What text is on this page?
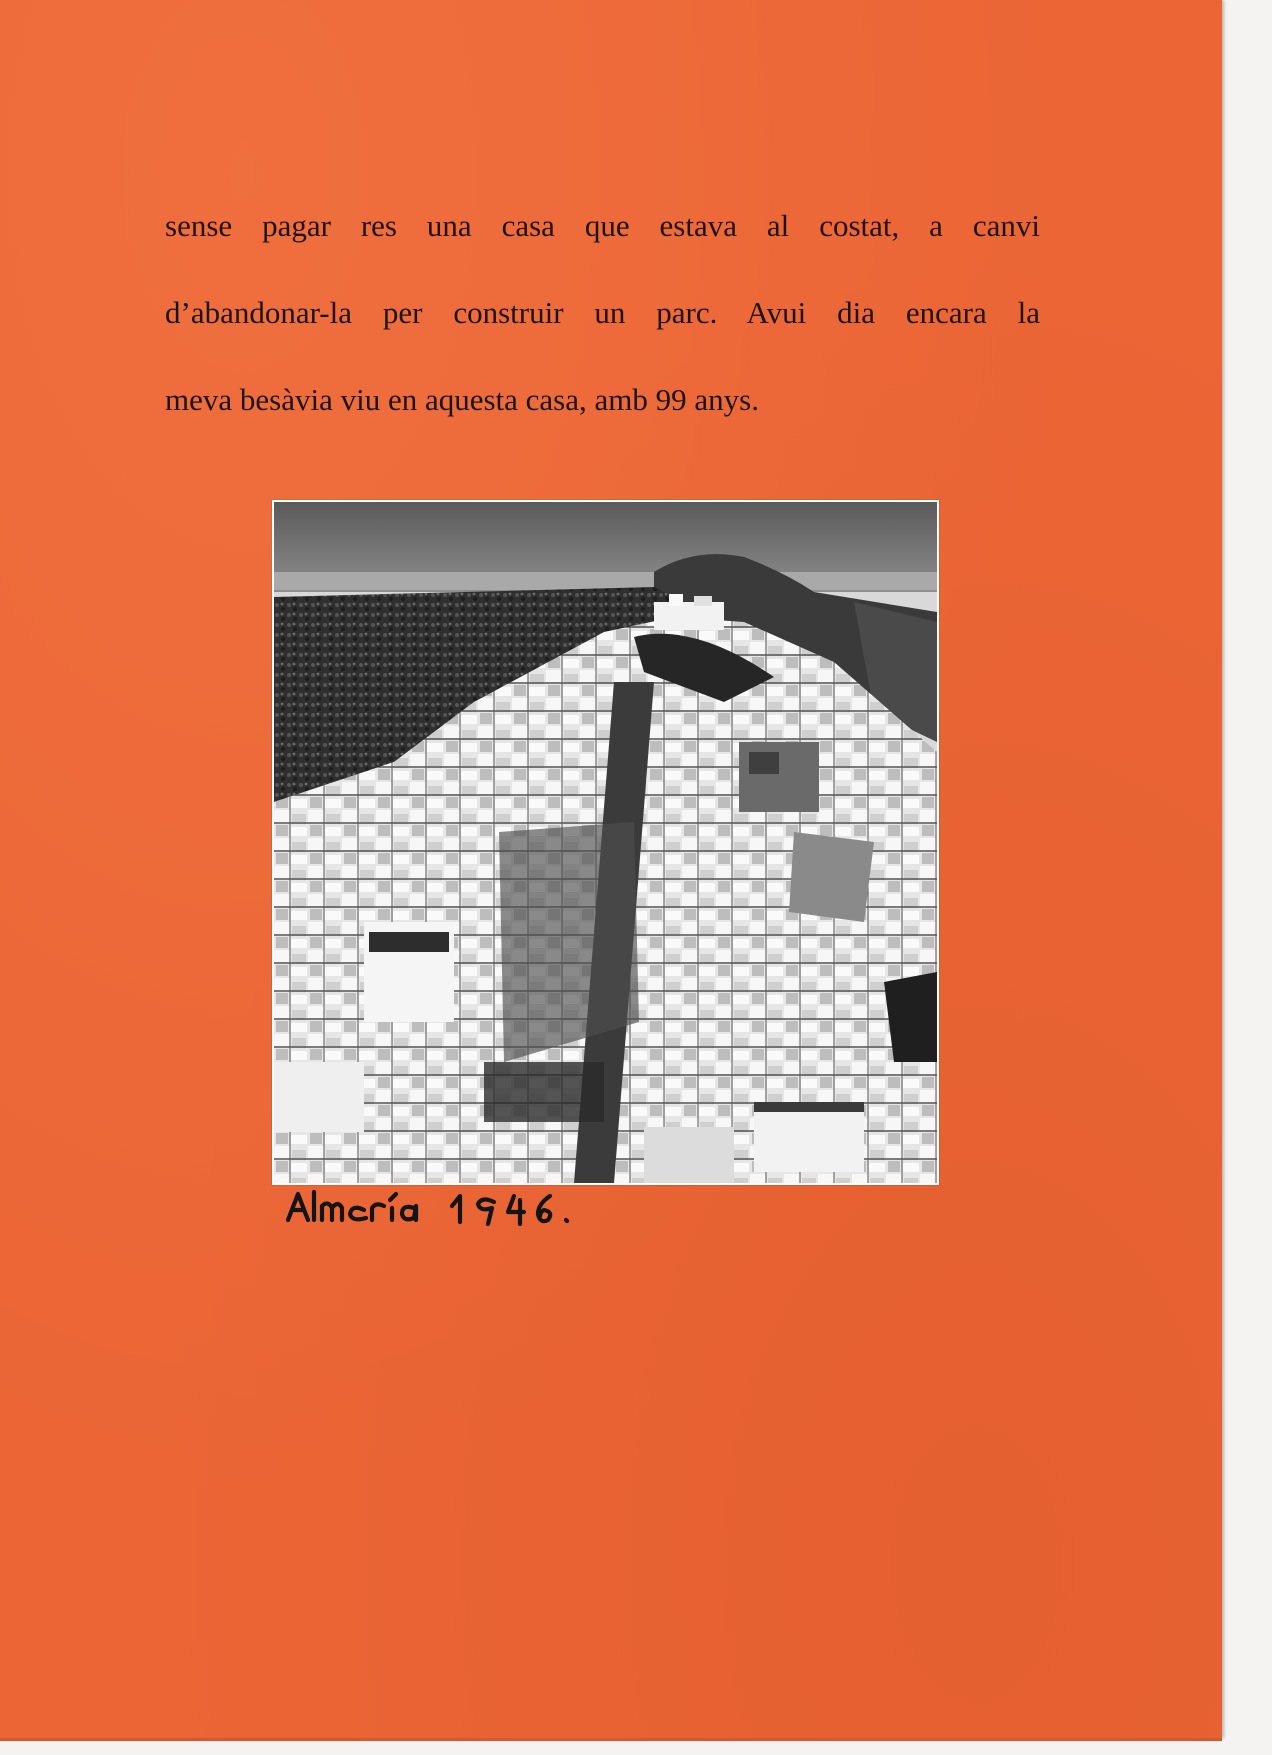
sense pagar res una casa que estava al costat, a canvi
d’abandonar-la per construir un parc. Avui dia encara la
meva besàvia viu en aquesta casa, amb 99 anys.
